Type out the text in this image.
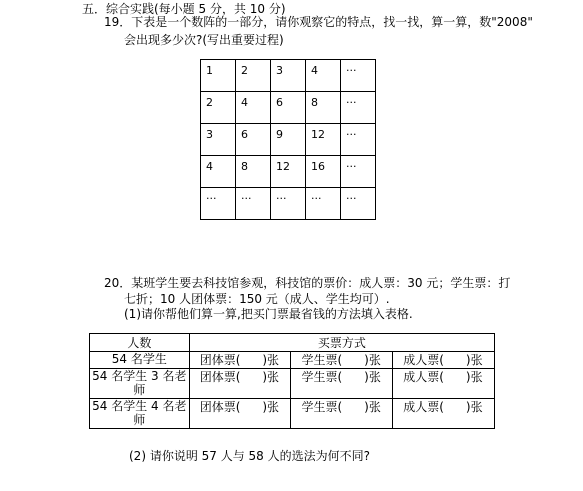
五．综合实践(每小题 5 分，共 10 分)
19．下表是一个数阵的一部分，请你观察它的特点，找一找，算一算，数"2008"
会出现多少次?(写出重要过程)
1	2	3	4	···
2	4	6	8	···
3	6	9	12	···
4	8	12	16	···
···	···	···	···	···
20．某班学生要去科技馆参观，科技馆的票价：成人票：30 元；学生票：打
七折；10 人团体票：150 元（成人、学生均可）.
(1)请你帮他们算一算,把买门票最省钱的方法填入表格.
人数	买票方式		
54 名学生	团体票( )张	学生票( )张	成人票( )张
54 名学生 3 名老师	团体票( )张	学生票( )张	成人票( )张
54 名学生 4 名老师	团体票( )张	学生票( )张	成人票( )张
(2) 请你说明 57 人与 58 人的选法为何不同?
